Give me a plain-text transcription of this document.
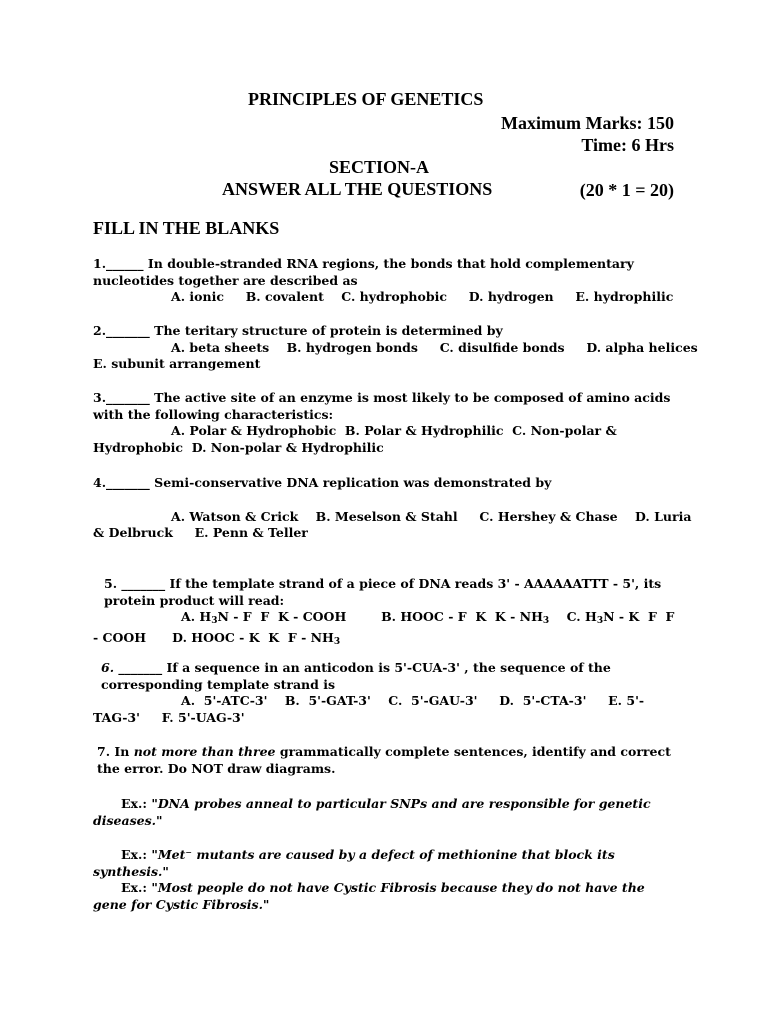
PRINCIPLES OF GENETICS
Maximum Marks: 150
Time: 6 Hrs
SECTION-A
ANSWER ALL THE QUESTIONS	(20 * 1 = 20)
FILL IN THE BLANKS
1.______ In double-stranded RNA regions, the bonds that hold complementary nucleotides together are described as
A. ionic     B. covalent    C. hydrophobic     D. hydrogen     E. hydrophilic
2._______ The teritary structure of protein is determined by
A. beta sheets    B. hydrogen bonds     C. disulfide bonds     D. alpha helices
E. subunit arrangement
3._______ The active site of an enzyme is most likely to be composed of amino acids with the following characteristics:
A. Polar & Hydrophobic  B. Polar & Hydrophilic  C. Non-polar &
Hydrophobic  D. Non-polar & Hydrophilic
4._______ Semi-conservative DNA replication was demonstrated by
A. Watson & Crick    B. Meselson & Stahl     C. Hershey & Chase    D. Luria
& Delbruck     E. Penn & Teller
5. _______ If the template strand of a piece of DNA reads 3' - AAAAAATTT - 5', its protein product will read:
A. $H_3N$ - F  F  K - COOH        B. HOOC - F  K  K - $NH_3$    C. $H_3N$ - K  F  F
- COOH      D. HOOC - K  K  F - $NH_3$
6. _______ If a sequence in an anticodon is 5'-CUA-3' , the sequence of the corresponding template strand is
A.  5'-ATC-3'    B.  5'-GAT-3'    C.  5'-GAU-3'     D.  5'-CTA-3'     E. 5'-
TAG-3'     F. 5'-UAG-3'
7. In not more than three grammatically complete sentences, identify and correct the error. Do NOT draw diagrams.
Ex.: "DNA probes anneal to particular SNPs and are responsible for genetic diseases."
Ex.: "Met⁻ mutants are caused by a defect of methionine that block its synthesis."
Ex.: "Most people do not have Cystic Fibrosis because they do not have the gene for Cystic Fibrosis."
